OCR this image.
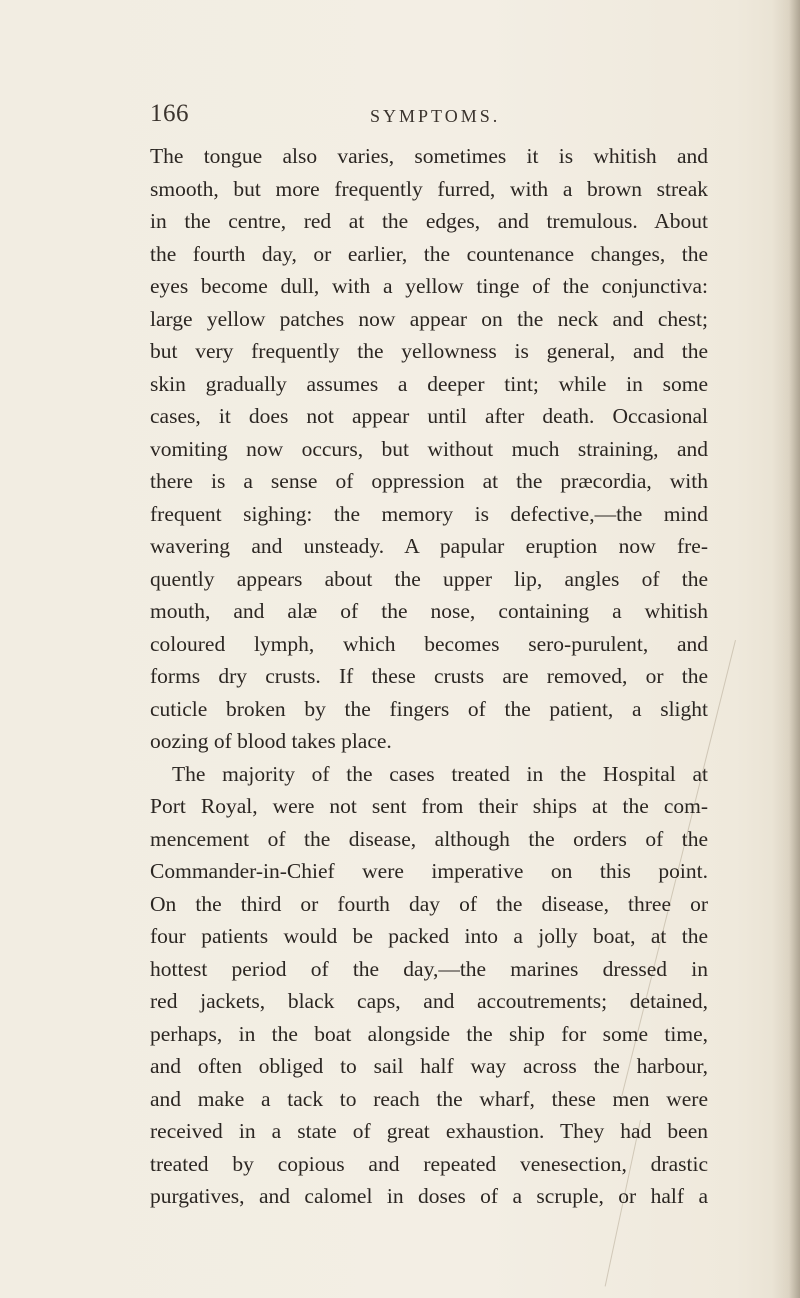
166	SYMPTOMS.
The tongue also varies, sometimes it is whitish and
smooth, but more frequently furred, with a brown streak
in the centre, red at the edges, and tremulous. About
the fourth day, or earlier, the countenance changes, the
eyes become dull, with a yellow tinge of the conjunctiva:
large yellow patches now appear on the neck and chest;
but very frequently the yellowness is general, and the
skin gradually assumes a deeper tint; while in some
cases, it does not appear until after death. Occasional
vomiting now occurs, but without much straining, and
there is a sense of oppression at the præcordia, with
frequent sighing: the memory is defective,—the mind
wavering and unsteady. A papular eruption now fre-
quently appears about the upper lip, angles of the
mouth, and alæ of the nose, containing a whitish
coloured lymph, which becomes sero-purulent, and
forms dry crusts. If these crusts are removed, or the
cuticle broken by the fingers of the patient, a slight
oozing of blood takes place.
The majority of the cases treated in the Hospital at
Port Royal, were not sent from their ships at the com-
mencement of the disease, although the orders of the
Commander-in-Chief were imperative on this point.
On the third or fourth day of the disease, three or
four patients would be packed into a jolly boat, at the
hottest period of the day,—the marines dressed in
red jackets, black caps, and accoutrements; detained,
perhaps, in the boat alongside the ship for some time,
and often obliged to sail half way across the harbour,
and make a tack to reach the wharf, these men were
received in a state of great exhaustion. They had been
treated by copious and repeated venesection, drastic
purgatives, and calomel in doses of a scruple, or half a
